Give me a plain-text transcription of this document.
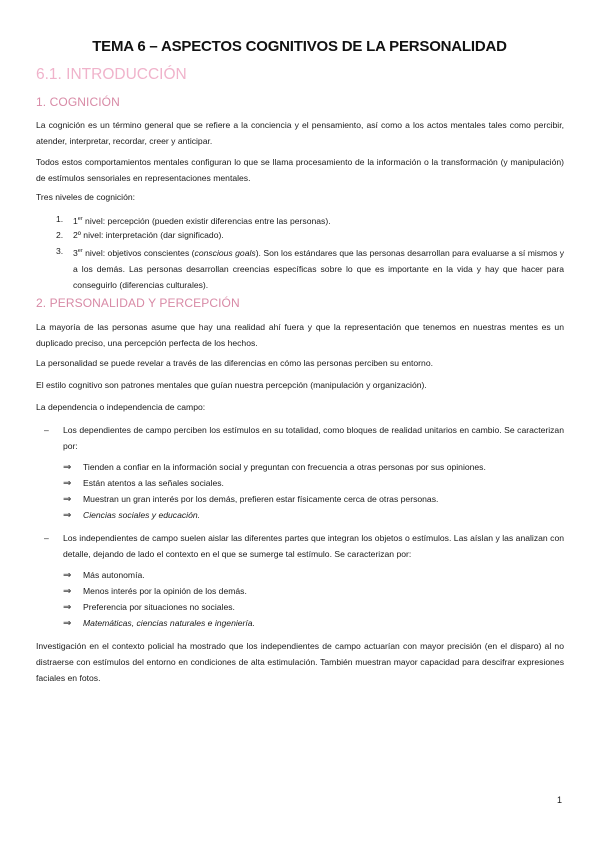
TEMA 6 – ASPECTOS COGNITIVOS DE LA PERSONALIDAD
6.1. INTRODUCCIÓN
1. COGNICIÓN

La cognición es un término general que se refiere a la conciencia y el pensamiento, así como a los actos mentales tales como percibir, atender, interpretar, recordar, creer y anticipar.

Todos estos comportamientos mentales configuran lo que se llama procesamiento de la información o la transformación (y manipulación) de estímulos sensoriales en representaciones mentales.

Tres niveles de cognición:

1. 1er nivel: percepción (pueden existir diferencias entre las personas).
2. 2º nivel: interpretación (dar significado).
3. 3er nivel: objetivos conscientes (conscious goals). Son los estándares que las personas desarrollan para evaluarse a sí mismos y a los demás. Las personas desarrollan creencias específicas sobre lo que es importante en la vida y hay que hacer para conseguirlo (diferencias culturales).
2. PERSONALIDAD Y PERCEPCIÓN

La mayoría de las personas asume que hay una realidad ahí fuera y que la representación que tenemos en nuestras mentes es un duplicado preciso, una percepción perfecta de los hechos.

La personalidad se puede revelar a través de las diferencias en cómo las personas perciben su entorno.

El estilo cognitivo son patrones mentales que guían nuestra percepción (manipulación y organización).

La dependencia o independencia de campo:

– Los dependientes de campo perciben los estímulos en su totalidad, como bloques de realidad unitarios en cambio. Se caracterizan por:
⇒ Tienden a confiar en la información social y preguntan con frecuencia a otras personas por sus opiniones.
⇒ Están atentos a las señales sociales.
⇒ Muestran un gran interés por los demás, prefieren estar físicamente cerca de otras personas.
⇒ Ciencias sociales y educación.
– Los independientes de campo suelen aislar las diferentes partes que integran los objetos o estímulos. Las aíslan y las analizan con detalle, dejando de lado el contexto en el que se sumerge tal estímulo. Se caracterizan por:
⇒ Más autonomía.
⇒ Menos interés por la opinión de los demás.
⇒ Preferencia por situaciones no sociales.
⇒ Matemáticas, ciencias naturales e ingeniería.

Investigación en el contexto policial ha mostrado que los independientes de campo actuarían con mayor precisión (en el disparo) al no distraerse con estímulos del entorno en condiciones de alta estimulación. También muestran mayor capacidad para descifrar expresiones faciales en fotos.

1
